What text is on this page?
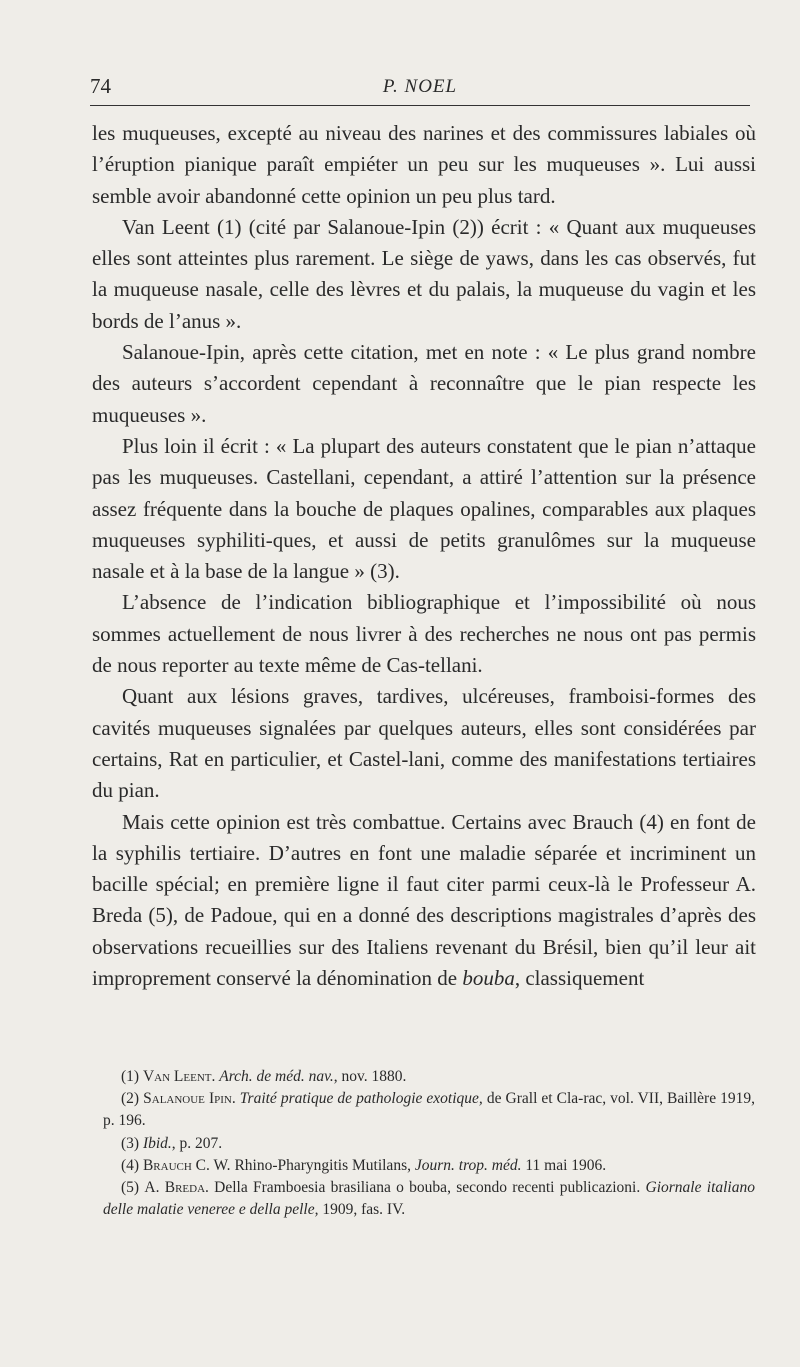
74	P. NOEL

les muqueuses, excepté au niveau des narines et des commissures labiales où l’éruption pianique paraît empiéter un peu sur les muqueuses ». Lui aussi semble avoir abandonné cette opinion un peu plus tard.

Van Leent (1) (cité par Salanoue-Ipin (2)) écrit : « Quant aux muqueuses elles sont atteintes plus rarement. Le siège de yaws, dans les cas observés, fut la muqueuse nasale, celle des lèvres et du palais, la muqueuse du vagin et les bords de l’anus ».

Salanoue-Ipin, après cette citation, met en note : « Le plus grand nombre des auteurs s’accordent cependant à reconnaître que le pian respecte les muqueuses ».

Plus loin il écrit : « La plupart des auteurs constatent que le pian n’attaque pas les muqueuses. Castellani, cependant, a attiré l’attention sur la présence assez fréquente dans la bouche de plaques opalines, comparables aux plaques muqueuses syphiliti-ques, et aussi de petits granulômes sur la muqueuse nasale et à la base de la langue » (3).

L’absence de l’indication bibliographique et l’impossibilité où nous sommes actuellement de nous livrer à des recherches ne nous ont pas permis de nous reporter au texte même de Cas-tellani.

Quant aux lésions graves, tardives, ulcéreuses, framboisi-formes des cavités muqueuses signalées par quelques auteurs, elles sont considérées par certains, Rat en particulier, et Castel-lani, comme des manifestations tertiaires du pian.

Mais cette opinion est très combattue. Certains avec Brauch (4) en font de la syphilis tertiaire. D’autres en font une maladie séparée et incriminent un bacille spécial; en première ligne il faut citer parmi ceux-là le Professeur A. Breda (5), de Padoue, qui en a donné des descriptions magistrales d’après des observations recueillies sur des Italiens revenant du Brésil, bien qu’il leur ait improprement conservé la dénomination de bouba, classiquement

(1) Van Leent. Arch. de méd. nav., nov. 1880.

(2) Salanoue Ipin. Traité pratique de pathologie exotique, de Grall et Cla-rac, vol. VII, Baillère 1919, p. 196.

(3) Ibid., p. 207.

(4) Brauch C. W. Rhino-Pharyngitis Mutilans, Journ. trop. méd. 11 mai 1906.

(5) A. Breda. Della Framboesia brasiliana o bouba, secondo recenti publicazioni. Giornale italiano delle malatie veneree e della pelle, 1909, fas. IV.
